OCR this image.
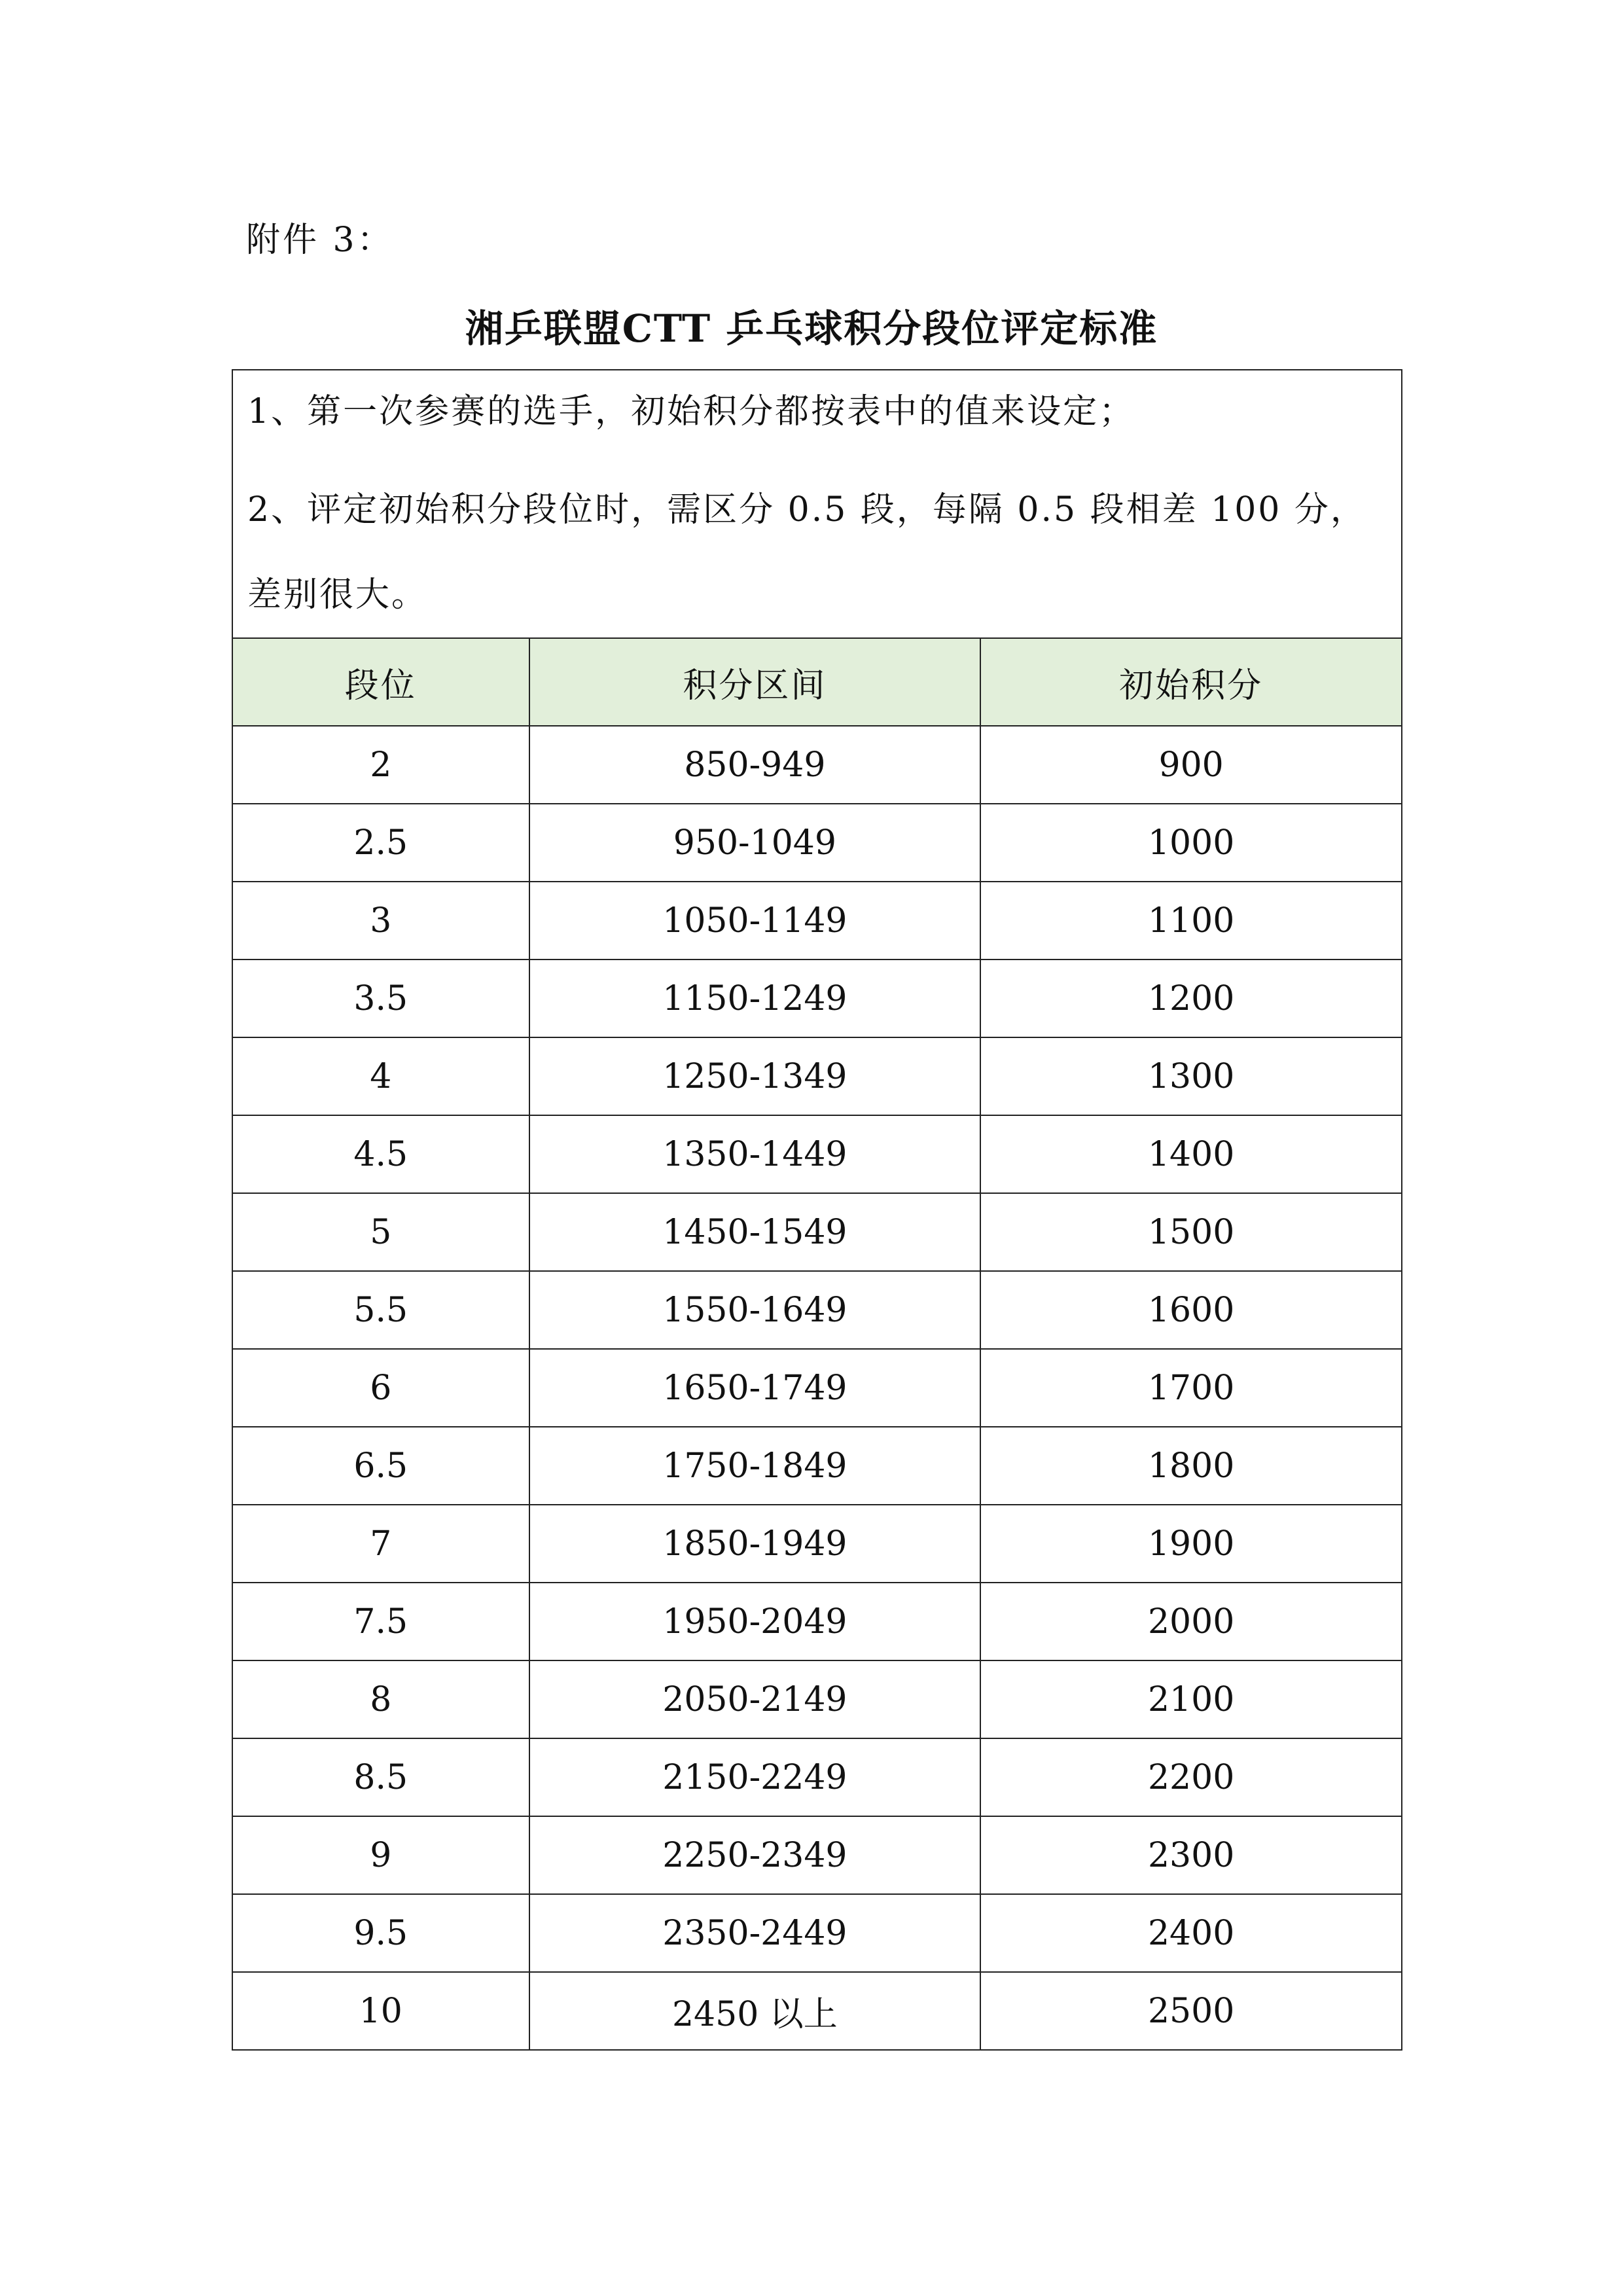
附件 3：

湘乒联盟CTT 乒乓球积分段位评定标准
1、第一次参赛的选手，初始积分都按表中的值来设定；
2、评定初始积分段位时，需区分 0.5 段，每隔 0.5 段相差 100 分，差别很大。		

段位	积分区间	初始积分
2	850-949	900
2.5	950-1049	1000
3	1050-1149	1100
3.5	1150-1249	1200
4	1250-1349	1300
4.5	1350-1449	1400
5	1450-1549	1500
5.5	1550-1649	1600
6	1650-1749	1700
6.5	1750-1849	1800
7	1850-1949	1900
7.5	1950-2049	2000
8	2050-2149	2100
8.5	2150-2249	2200
9	2250-2349	2300
9.5	2350-2449	2400
10	2450 以上	2500
